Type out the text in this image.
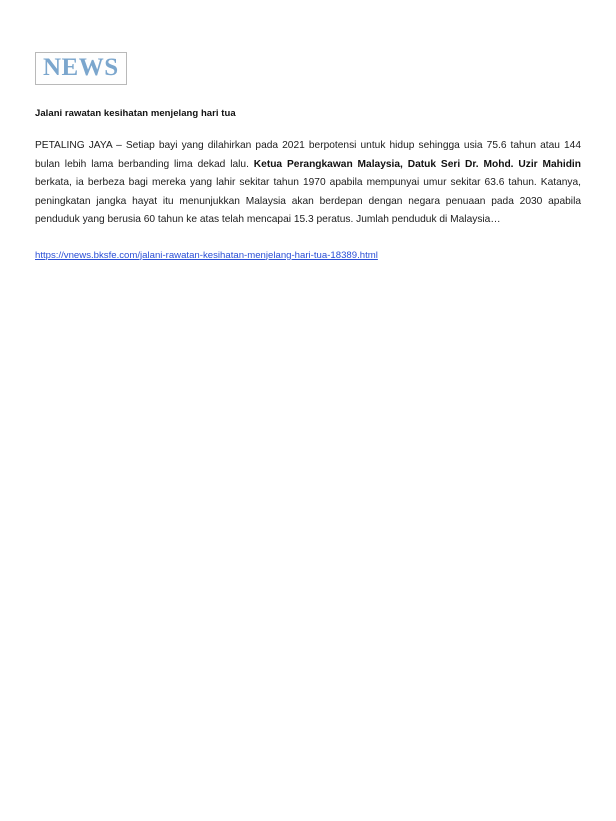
NEWS
Jalani rawatan kesihatan menjelang hari tua
PETALING JAYA – Setiap bayi yang dilahirkan pada 2021 berpotensi untuk hidup sehingga usia 75.6 tahun atau 144 bulan lebih lama berbanding lima dekad lalu. Ketua Perangkawan Malaysia, Datuk Seri Dr. Mohd. Uzir Mahidin berkata, ia berbeza bagi mereka yang lahir sekitar tahun 1970 apabila mempunyai umur sekitar 63.6 tahun. Katanya, peningkatan jangka hayat itu menunjukkan Malaysia akan berdepan dengan negara penuaan pada 2030 apabila penduduk yang berusia 60 tahun ke atas telah mencapai 15.3 peratus. Jumlah penduduk di Malaysia…
https://vnews.bksfe.com/jalani-rawatan-kesihatan-menjelang-hari-tua-18389.html
